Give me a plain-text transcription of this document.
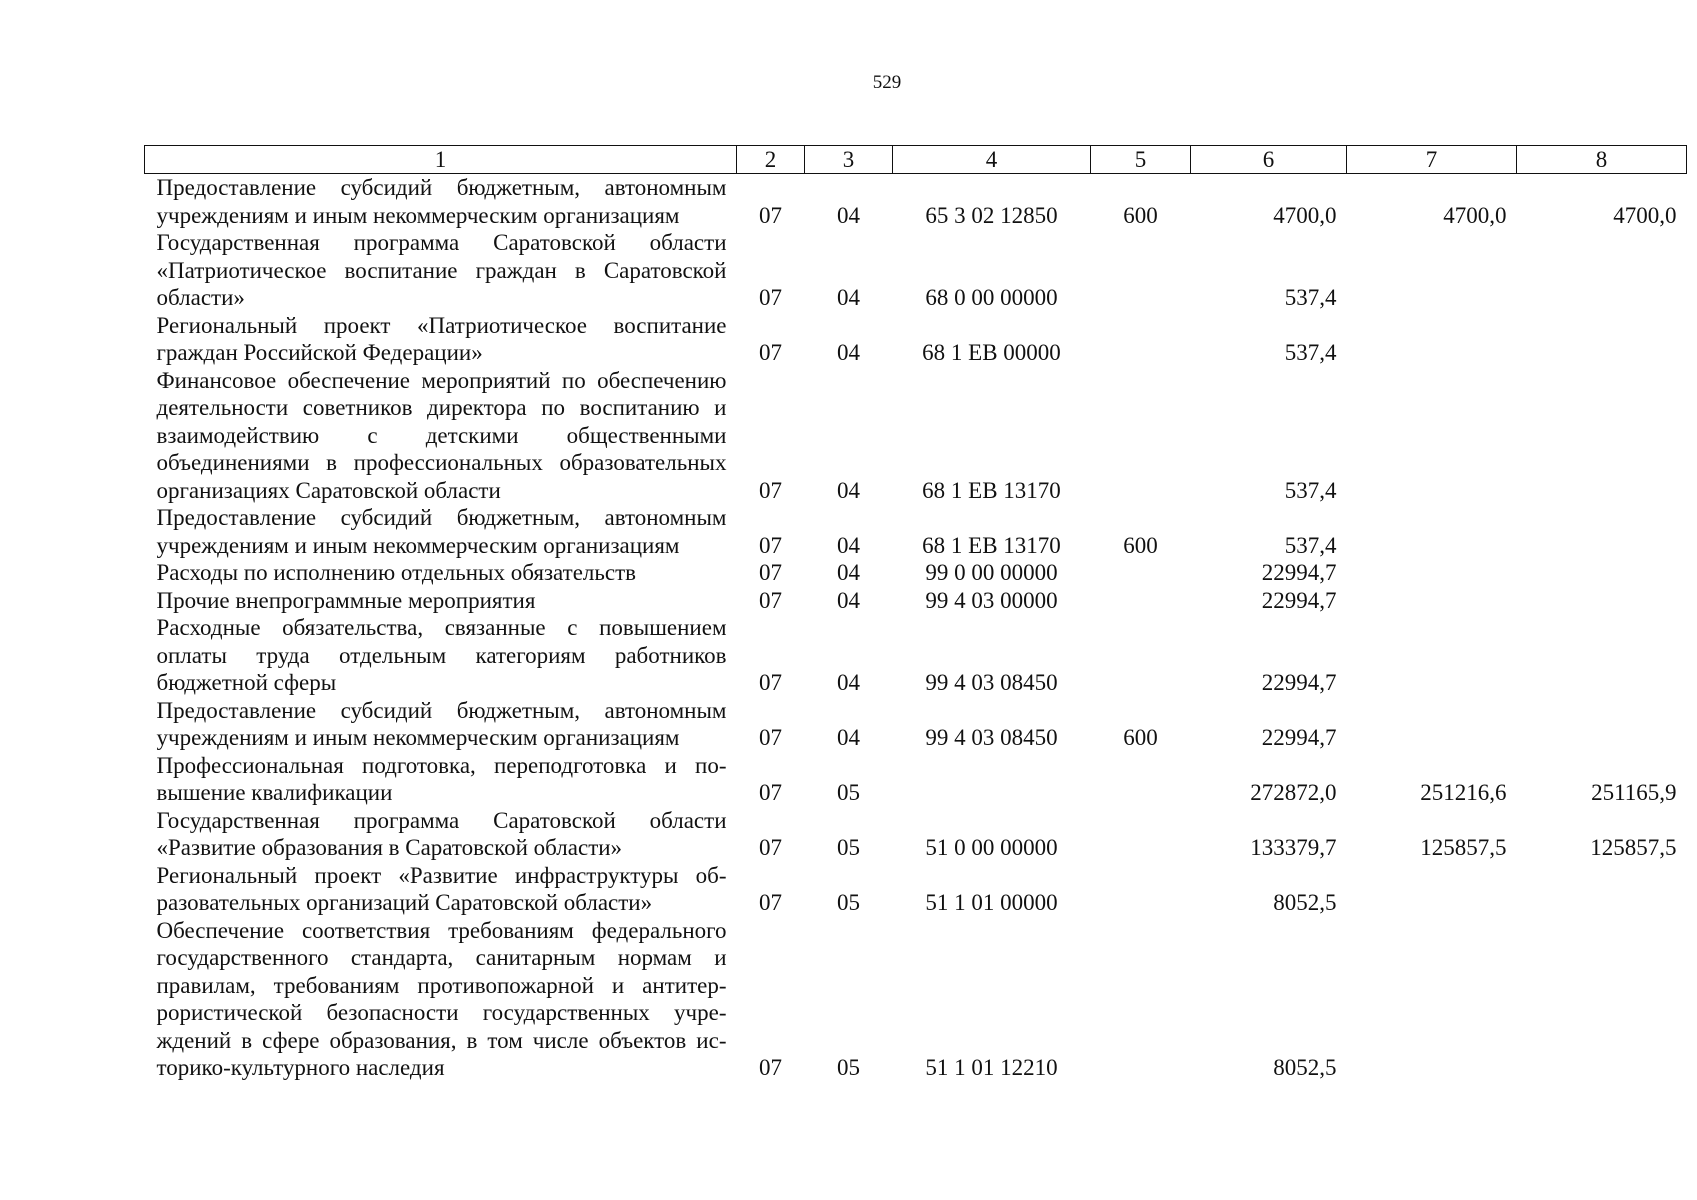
529
1	2	3	4	5	6	7	8
Предоставление субсидий бюджетным, автономным учреждениям и иным некоммерческим организациям	07	04	65 3 02 12850	600	4700,0	4700,0	4700,0
Государственная программа Саратовской области «Патриотическое воспитание граждан в Саратовской области»	07	04	68 0 00 00000		537,4		
Региональный проект «Патриотическое воспитание граждан Российской Федерации»	07	04	68 1 ЕВ 00000		537,4		
Финансовое обеспечение мероприятий по обеспечению деятельности советников директора по воспитанию и взаимодействию с детскими общественными объединениями в профессиональных образовательных организациях Саратовской области	07	04	68 1 ЕВ 13170		537,4		
Предоставление субсидий бюджетным, автономным учреждениям и иным некоммерческим организациям	07	04	68 1 ЕВ 13170	600	537,4		
Расходы по исполнению отдельных обязательств	07	04	99 0 00 00000		22994,7		
Прочие внепрограммные мероприятия	07	04	99 4 03 00000		22994,7		
Расходные обязательства, связанные с повышением оплаты труда отдельным категориям работников бюджетной сферы	07	04	99 4 03 08450		22994,7		
Предоставление субсидий бюджетным, автономным учреждениям и иным некоммерческим организациям	07	04	99 4 03 08450	600	22994,7		
Профессиональная подготовка, переподготовка и повышение квалификации	07	05			272872,0	251216,6	251165,9
Государственная программа Саратовской области «Развитие образования в Саратовской области»	07	05	51 0 00 00000		133379,7	125857,5	125857,5
Региональный проект «Развитие инфраструктуры образовательных организаций Саратовской области»	07	05	51 1 01 00000		8052,5		
Обеспечение соответствия требованиям федерального государственного стандарта, санитарным нормам и правилам, требованиям противопожарной и антитеррористической безопасности государственных учреждений в сфере образования, в том числе объектов историко-культурного наследия	07	05	51 1 01 12210		8052,5		
